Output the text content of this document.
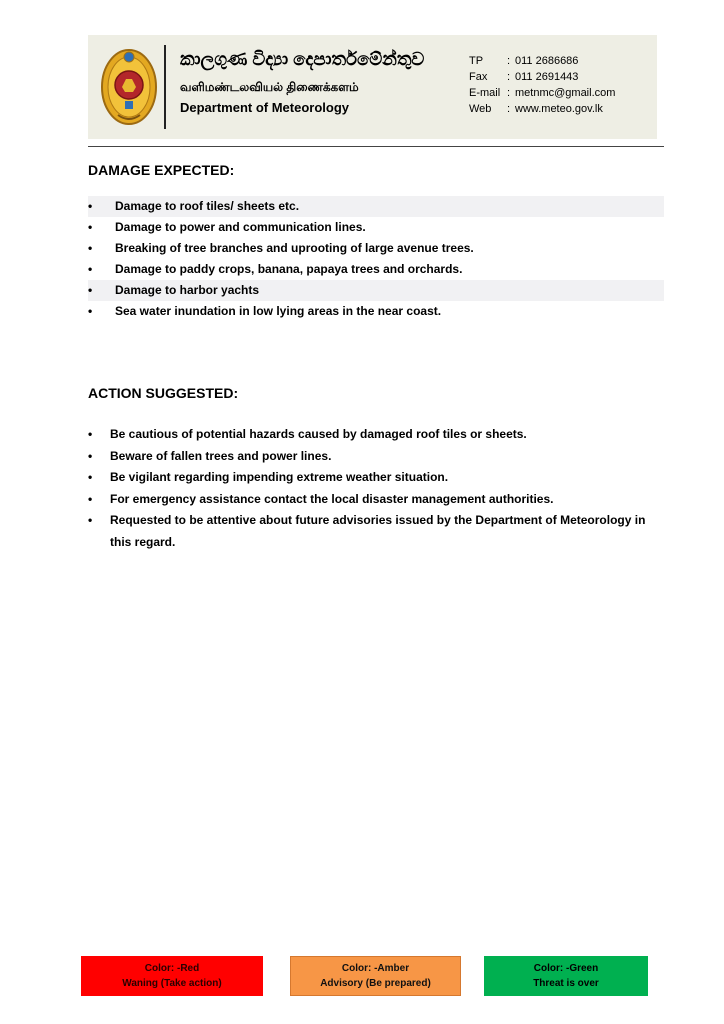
කාලගුණ විද්‍යා දෙපාර්තමේන්තුව
வளிமண்டலவியல் திணைக்களம்
Department of Meteorology
TP	: 011 2686686
Fax	: 011 2691443
E-mail : metnmc@gmail.com
Web	: www.meteo.gov.lk
DAMAGE EXPECTED:
• Damage to roof tiles/ sheets etc.
• Damage to power and communication lines.
• Breaking of tree branches and uprooting of large avenue trees.
• Damage to paddy crops, banana, papaya trees and orchards.
• Damage to harbor yachts
• Sea water inundation in low lying areas in the near coast.
ACTION SUGGESTED:
• Be cautious of potential hazards caused by damaged roof tiles or sheets.
• Beware of fallen trees and power lines.
• Be vigilant regarding impending extreme weather situation.
• For emergency assistance contact the local disaster management authorities.
• Requested to be attentive about future advisories issued by the Department of Meteorology in this regard.
Color: -Red
Waning (Take action)
Color: -Amber
Advisory (Be prepared)
Color: -Green
Threat is over
